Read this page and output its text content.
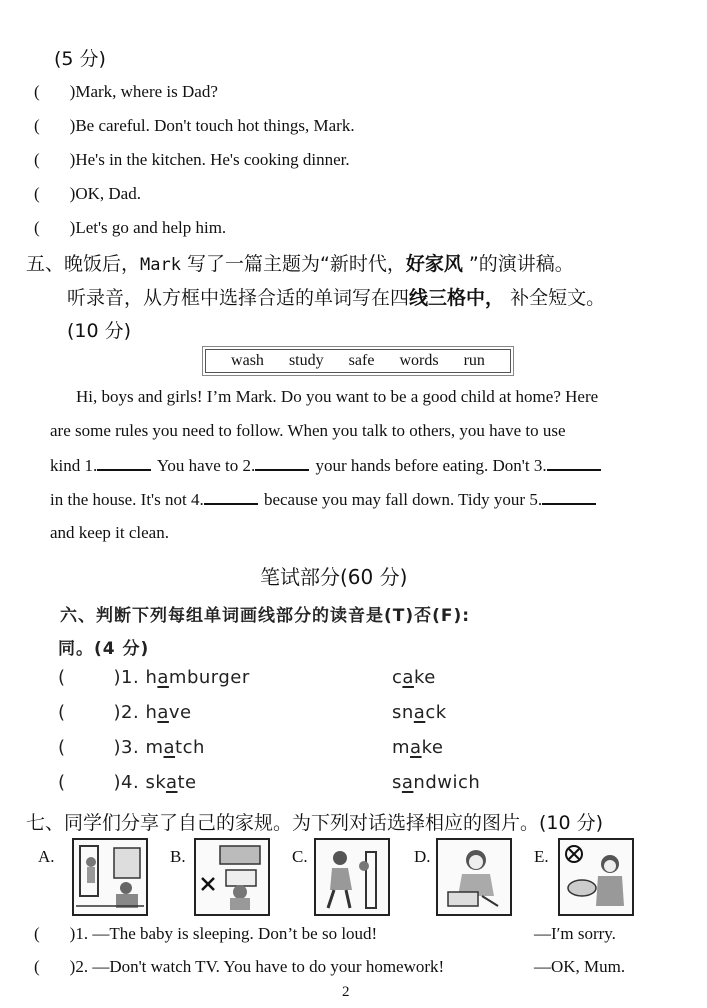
(5 分)
( )Mark, where is Dad?
( )Be careful. Don't touch hot things, Mark.
( )He's in the kitchen. He's cooking dinner.
( )OK, Dad.
( )Let's go and help him.
五、晚饭后，Mark 写了一篇主题为“新时代，好家风 ”的演讲稿。
听录音，从方框中选择合适的单词写在四线三格中， 补全短文。
(10 分)
wash study safe words run
Hi, boys and girls! I’m Mark. Do you want to be a good child at home? Here
are some rules you need to follow. When you talk to others, you have to use
kind 1.	You have to 2.	your hands before eating. Don't 3.
in the house. It's not 4.	because you may fall down. Tidy your 5.
and keep it clean.
笔试部分(60 分)
六、判断下列每组单词画线部分的读音是(T)否(F):
同。(4 分)
(	)1. hamburger	cake
(	)2. have	snack
(	)3. match	make
(	)4. skate	sandwich
七、同学们分享了自己的家规。为下列对话选择相应的图片。(10 分)
A.	B.	C.	D.	E.
( )1. —The baby is sleeping. Don’t be so loud!	—I′m sorry.
( )2. —Don't watch TV. You have to do your homework!	—OK, Mum.
2
